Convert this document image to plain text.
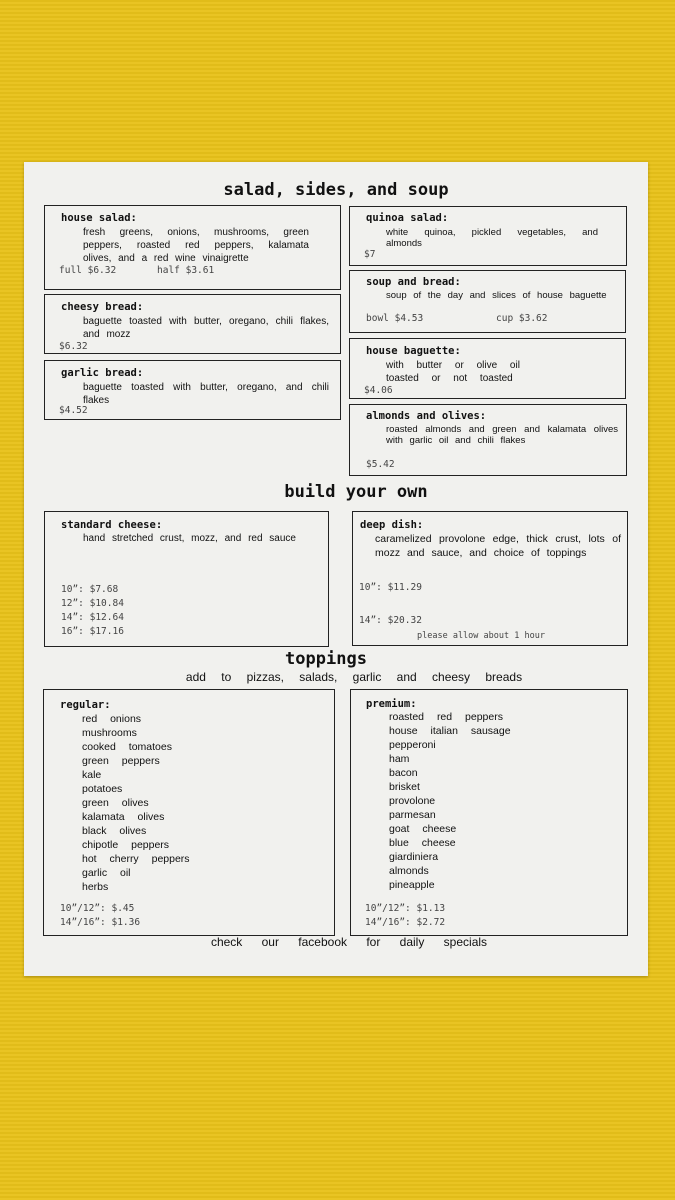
salad, sides, and soup
house salad:
fresh greens, onions, mushrooms, green peppers, roasted red peppers, kalamata olives, and a red wine vinaigrette
full $6.32	half $3.61
cheesy bread:
baguette toasted with butter, oregano, chili flakes, and mozz
$6.32
garlic bread:
baguette toasted with butter, oregano, and chili flakes
$4.52
quinoa salad:
white quinoa, pickled vegetables, and almonds
$7
soup and bread:
soup of the day and slices of house baguette
bowl $4.53	cup $3.62
house baguette:
with butter or olive oil
toasted or not toasted
$4.06
almonds and olives:
roasted almonds and green and kalamata olives with garlic oil and chili flakes
$5.42
build your own
standard cheese:
hand stretched crust, mozz, and red sauce
10”: $7.68
12”: $10.84
14”: $12.64
16”: $17.16
deep dish:
caramelized provolone edge, thick crust, lots of mozz and sauce, and choice of toppings
10”: $11.29
14”: $20.32
please allow about 1 hour
toppings
add to pizzas, salads, garlic and cheesy breads
regular:
red onions
mushrooms
cooked tomatoes
green peppers
kale
potatoes
green olives
kalamata olives
black olives
chipotle peppers
hot cherry peppers
garlic oil
herbs
10”/12”: $.45
14”/16”: $1.36
premium:
roasted red peppers
house italian sausage
pepperoni
ham
bacon
brisket
provolone
parmesan
goat cheese
blue cheese
giardiniera
almonds
pineapple
10”/12”: $1.13
14”/16”: $2.72
check our facebook for daily specials
